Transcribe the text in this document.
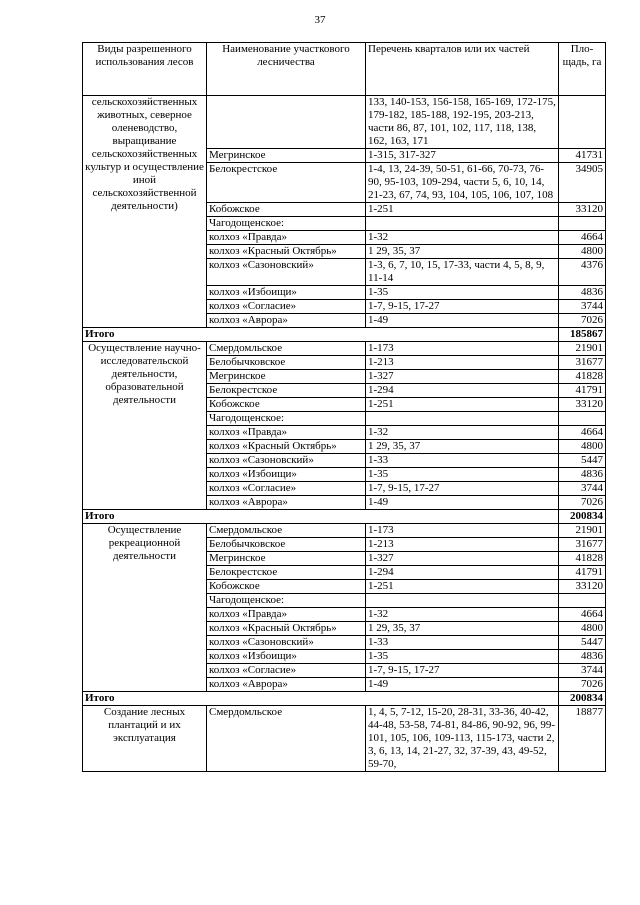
37
Виды разрешенного использования лесов	Наименование участкового лесничества	Перечень кварталов или их частей	Пло-щадь, га
сельскохозяйственных животных, северное оленеводство, выращивание сельскохозяйственных культур и осуществление иной сельскохозяйственной деятельности)		133, 140-153, 156-158, 165-169, 172-175, 179-182, 185-188, 192-195, 203-213, части 86, 87, 101, 102, 117, 118, 138, 162, 163, 171	
	Мегринское	1-315, 317-327	41731
	Белокрестское	1-4, 13, 24-39, 50-51, 61-66, 70-73, 76-90, 95-103, 109-294, части 5, 6, 10, 14, 21-23, 67, 74, 93, 104, 105, 106, 107, 108	34905
	Кобожское	1-251	33120
	Чагодощенское:		
	колхоз «Правда»	1-32	4664
	колхоз «Красный Октябрь»	1 29, 35, 37	4800
	колхоз «Сазоновский»	1-3, 6, 7, 10, 15, 17-33, части 4, 5, 8, 9, 11-14	4376
	колхоз «Избоищи»	1-35	4836
	колхоз «Согласие»	1-7, 9-15, 17-27	3744
	колхоз «Аврора»	1-49	7026
Итого			185867
Осуществление научно-исследовательской деятельности, образовательной деятельности	Смердомльское	1-173	21901
	Белобычковское	1-213	31677
	Мегринское	1-327	41828
	Белокрестское	1-294	41791
	Кобожское	1-251	33120
	Чагодощенское:		
	колхоз «Правда»	1-32	4664
	колхоз «Красный Октябрь»	1 29, 35, 37	4800
	колхоз «Сазоновский»	1-33	5447
	колхоз «Избоищи»	1-35	4836
	колхоз «Согласие»	1-7, 9-15, 17-27	3744
	колхоз «Аврора»	1-49	7026
Итого			200834
Осуществление рекреационной деятельности	Смердомльское	1-173	21901
	Белобычковское	1-213	31677
	Мегринское	1-327	41828
	Белокрестское	1-294	41791
	Кобожское	1-251	33120
	Чагодощенское:		
	колхоз «Правда»	1-32	4664
	колхоз «Красный Октябрь»	1 29, 35, 37	4800
	колхоз «Сазоновский»	1-33	5447
	колхоз «Избоищи»	1-35	4836
	колхоз «Согласие»	1-7, 9-15, 17-27	3744
	колхоз «Аврора»	1-49	7026
Итого			200834
Создание лесных плантаций и их эксплуатация	Смердомльское	1, 4, 5, 7-12, 15-20, 28-31, 33-36, 40-42, 44-48, 53-58, 74-81, 84-86, 90-92, 96, 99-101, 105, 106, 109-113, 115-173, части 2, 3, 6, 13, 14, 21-27, 32, 37-39, 43, 49-52, 59-70,	18877
